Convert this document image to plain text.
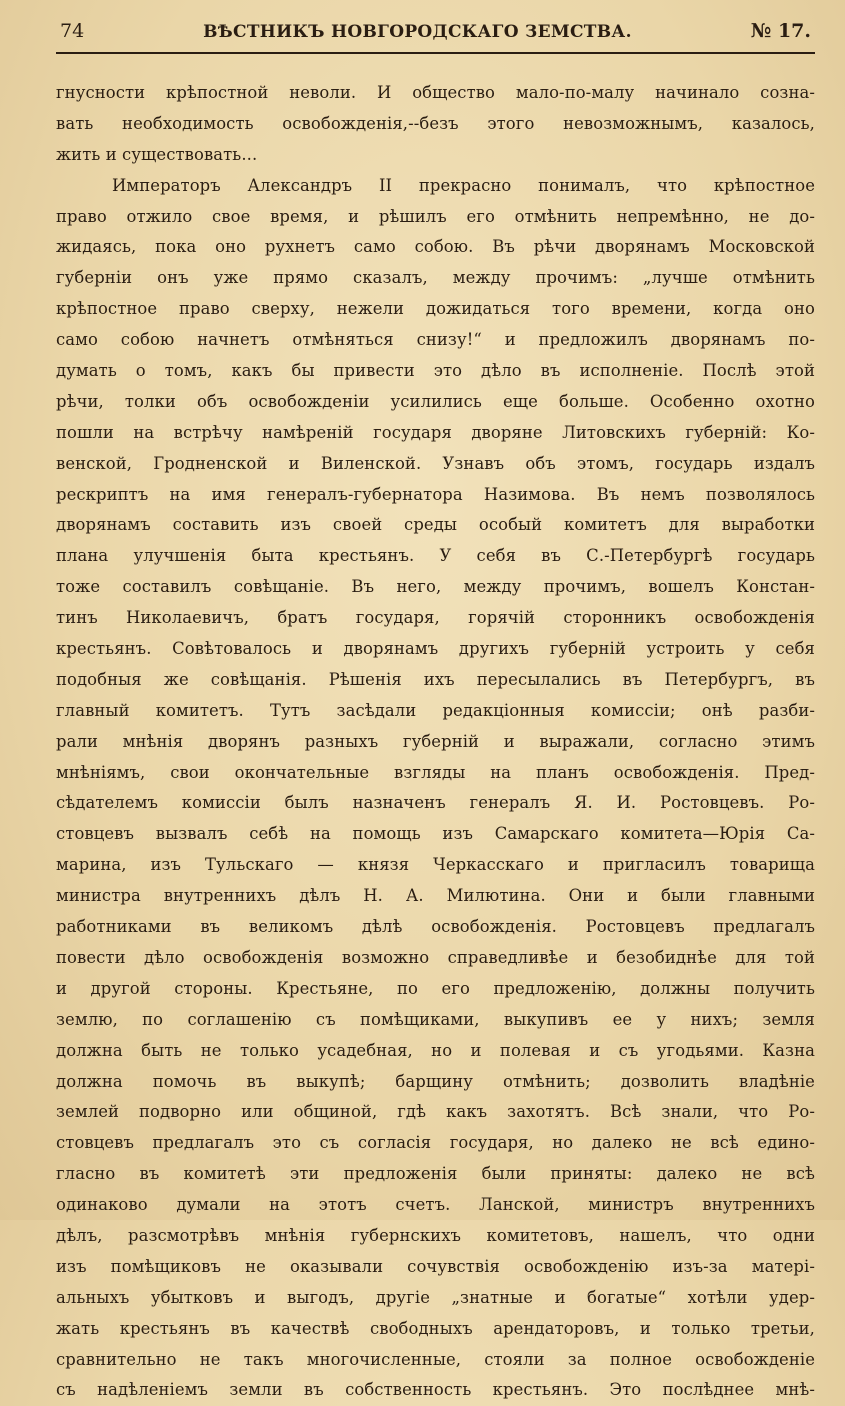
74	ВѢСТНИКЪ НОВГОРОДСКАГО ЗЕМСТВА.	№ 17.
гнусности крѣпостной неволи. И общество мало-по-малу начинало созна-
вать необходимость освобожденія,--безъ этого невозможнымъ, казалось,
жить и существовать...
Императоръ Александръ II прекрасно понималъ, что крѣпостное
право отжило свое время, и рѣшилъ его отмѣнить непремѣнно, не до-
жидаясь, пока оно рухнетъ само собою. Въ рѣчи дворянамъ Московской
губерніи онъ уже прямо сказалъ, между прочимъ: „лучше отмѣнить
крѣпостное право сверху, нежели дожидаться того времени, когда оно
само собою начнетъ отмѣняться снизу!“ и предложилъ дворянамъ по-
думать о томъ, какъ бы привести это дѣло въ исполненіе. Послѣ этой
рѣчи, толки объ освобожденіи усилились еще больше. Особенно охотно
пошли на встрѣчу намѣреній государя дворяне Литовскихъ губерній: Ко-
венской, Гродненской и Виленской. Узнавъ объ этомъ, государь издалъ
рескриптъ на имя генералъ-губернатора Назимова. Въ немъ позволялось
дворянамъ составить изъ своей среды особый комитетъ для выработки
плана улучшенія быта крестьянъ. У себя въ С.-Петербургѣ государь
тоже составилъ совѣщаніе. Въ него, между прочимъ, вошелъ Констан-
тинъ Николаевичъ, братъ государя, горячій сторонникъ освобожденія
крестьянъ. Совѣтовалось и дворянамъ другихъ губерній устроить у себя
подобныя же совѣщанія. Рѣшенія ихъ пересылались въ Петербургъ, въ
главный комитетъ. Тутъ засѣдали редакціонныя комиссіи; онѣ разби-
рали мнѣнія дворянъ разныхъ губерній и выражали, согласно этимъ
мнѣніямъ, свои окончательные взгляды на планъ освобожденія. Пред-
сѣдателемъ комиссіи былъ назначенъ генералъ Я. И. Ростовцевъ. Ро-
стовцевъ вызвалъ себѣ на помощь изъ Самарскаго комитета—Юрія Са-
марина, изъ Тульскаго — князя Черкасскаго и пригласилъ товарища
министра внутреннихъ дѣлъ Н. А. Милютина. Они и были главными
работниками въ великомъ дѣлѣ освобожденія. Ростовцевъ предлагалъ
повести дѣло освобожденія возможно справедливѣе и безобиднѣе для той
и другой стороны. Крестьяне, по его предложенію, должны получить
землю, по соглашенію съ помѣщиками, выкупивъ ее у нихъ; земля
должна быть не только усадебная, но и полевая и съ угодьями. Казна
должна помочь въ выкупѣ; барщину отмѣнить; дозволить владѣніе
землей подворно или общиной, гдѣ какъ захотятъ. Всѣ знали, что Ро-
стовцевъ предлагалъ это съ согласія государя, но далеко не всѣ едино-
гласно въ комитетѣ эти предложенія были приняты: далеко не всѣ
одинаково думали на этотъ счетъ. Ланской, министръ внутреннихъ
дѣлъ, разсмотрѣвъ мнѣнія губернскихъ комитетовъ, нашелъ, что одни
изъ помѣщиковъ не оказывали сочувствія освобожденію изъ-за матері-
альныхъ убытковъ и выгодъ, другіе „знатные и богатые“ хотѣли удер-
жать крестьянъ въ качествѣ свободныхъ арендаторовъ, и только третьи,
сравнительно не такъ многочисленные, стояли за полное освобожденіе
съ надѣленіемъ земли въ собственность крестьянъ. Это послѣднее мнѣ-
